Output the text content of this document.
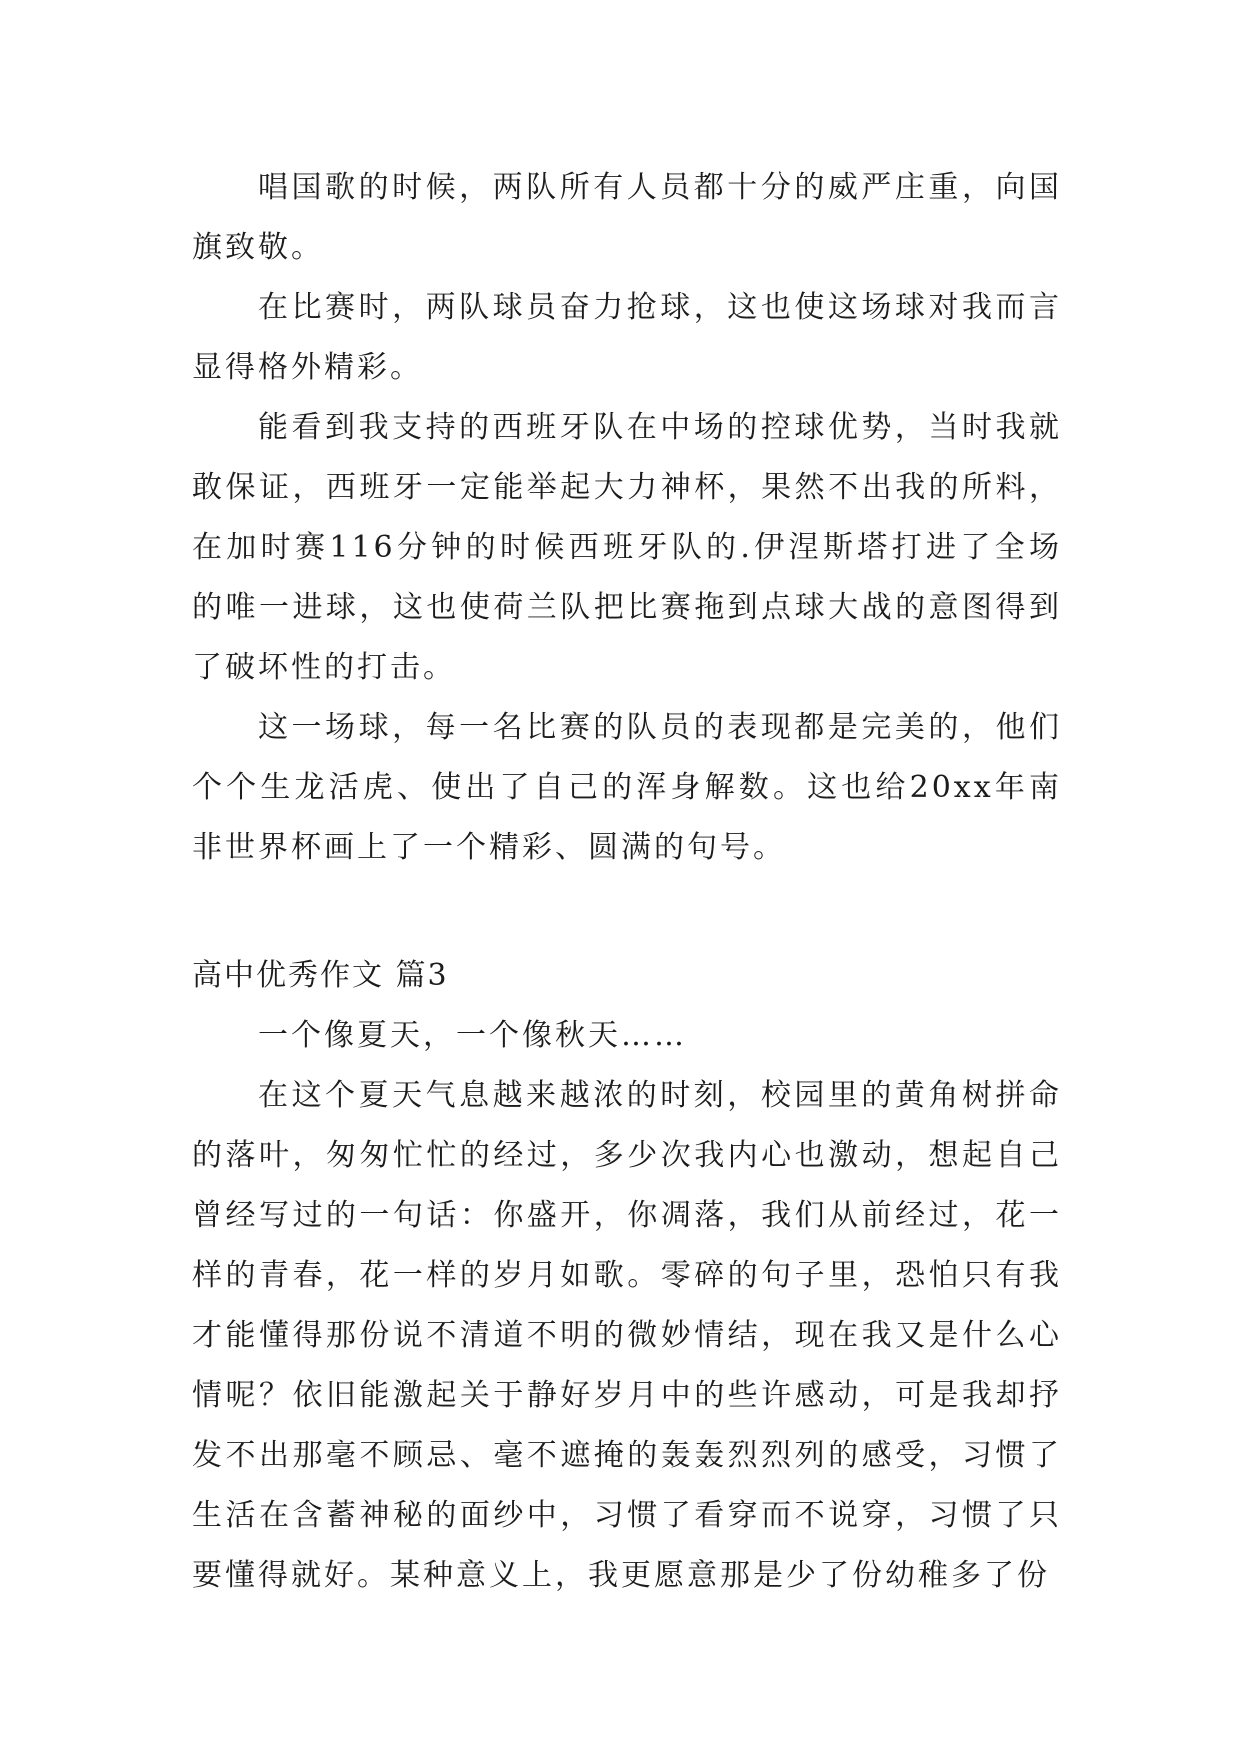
唱国歌的时候，两队所有人员都十分的威严庄重，向国旗致敬。

在比赛时，两队球员奋力抢球，这也使这场球对我而言显得格外精彩。

能看到我支持的西班牙队在中场的控球优势，当时我就敢保证，西班牙一定能举起大力神杯，果然不出我的所料，在加时赛116分钟的时候西班牙队的.伊涅斯塔打进了全场的唯一进球，这也使荷兰队把比赛拖到点球大战的意图得到了破坏性的打击。

这一场球，每一名比赛的队员的表现都是完美的，他们个个生龙活虎、使出了自己的浑身解数。这也给20xx年南非世界杯画上了一个精彩、圆满的句号。

高中优秀作文 篇3

一个像夏天，一个像秋天……

在这个夏天气息越来越浓的时刻，校园里的黄角树拼命的落叶，匆匆忙忙的经过，多少次我内心也激动，想起自己曾经写过的一句话：你盛开，你凋落，我们从前经过，花一样的青春，花一样的岁月如歌。零碎的句子里，恐怕只有我才能懂得那份说不清道不明的微妙情结，现在我又是什么心情呢？依旧能激起关于静好岁月中的些许感动，可是我却抒发不出那毫不顾忌、毫不遮掩的轰轰烈烈列的感受，习惯了生活在含蓄神秘的面纱中，习惯了看穿而不说穿，习惯了只要懂得就好。某种意义上，我更愿意那是少了份幼稚多了份
